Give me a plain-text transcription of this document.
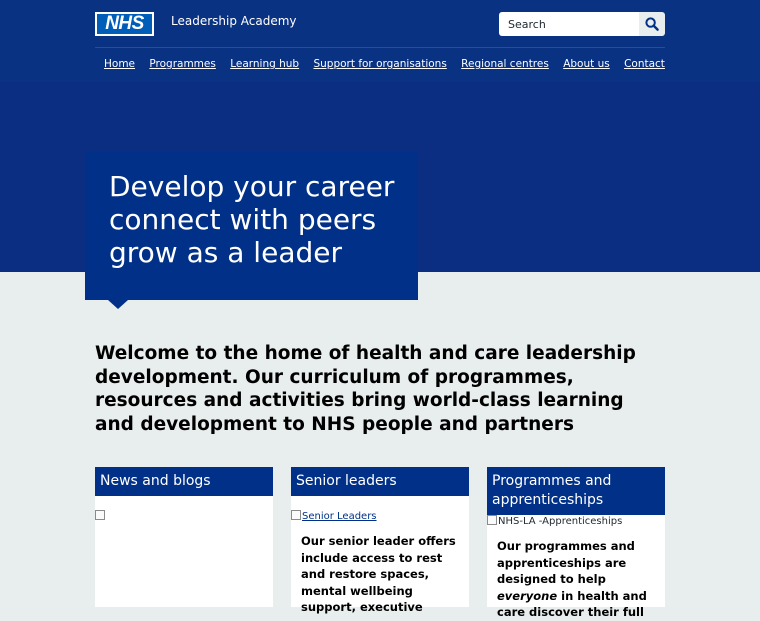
NHS	Leadership Academy
Search
Home Programmes Learning hub Support for organisations Regional centres About us Contact
Develop your career
connect with peers
grow as a leader

Welcome to the home of health and care leadership development. Our curriculum of programmes, resources and activities bring world-class learning and development to NHS people and partners

News and blogs	Senior leaders
Senior Leaders

Our senior leader offers include access to rest and restore spaces, mental wellbeing support, executive

Programmes and apprenticeships
NHS-LA -Apprenticeships

Our programmes and apprenticeships are designed to help everyone in health and care discover their full
